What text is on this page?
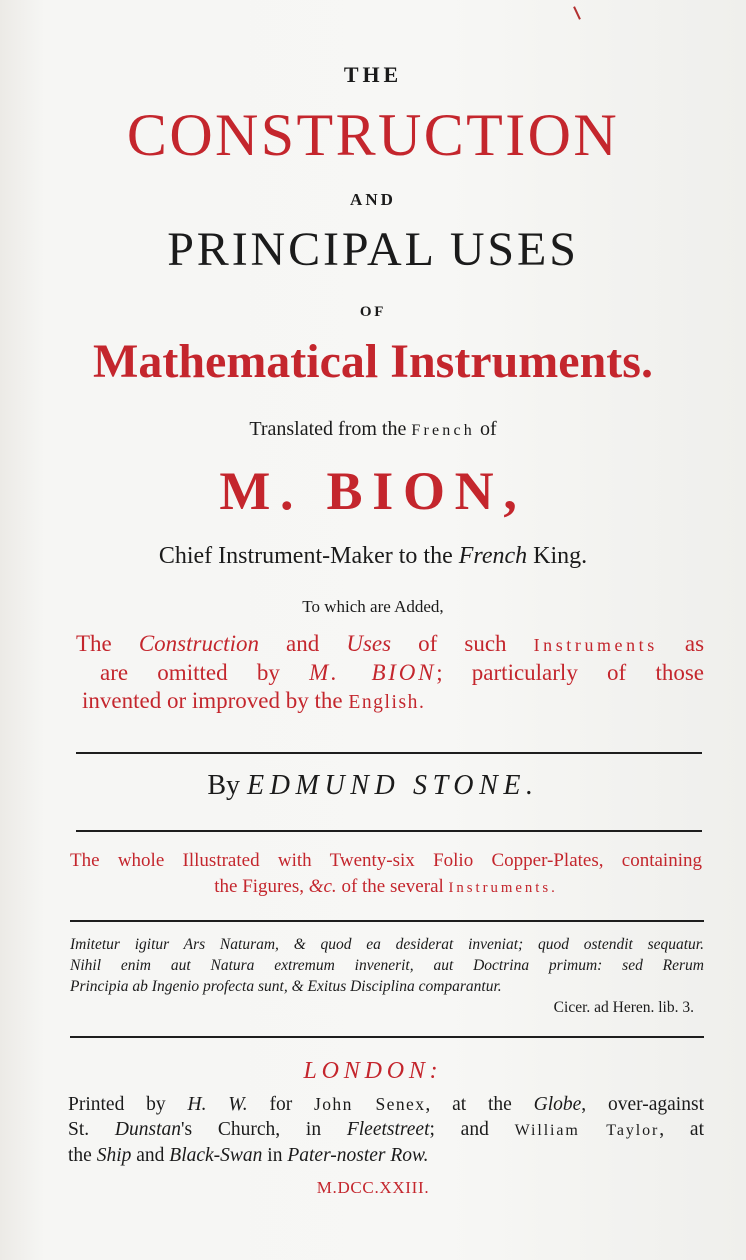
THE
CONSTRUCTION
AND
PRINCIPAL USES
OF
Mathematical Instruments.
Translated from the French of
M. BION,
Chief Instrument-Maker to the French King.
To which are Added,
The Construction and Uses of such Instruments as
are omitted by M. BION; particularly of those
invented or improved by the English.
By EDMUND STONE.
The whole Illustrated with Twenty-six Folio Copper-Plates, containing
the Figures, &c. of the several Instruments.
Imitetur igitur Ars Naturam, & quod ea desiderat inveniat; quod ostendit sequatur.
Nihil enim aut Natura extremum invenerit, aut Doctrina primum: sed Rerum
Principia ab Ingenio profecta sunt, & Exitus Disciplina comparantur.
Cicer. ad Heren. lib. 3.
LONDON:
Printed by H. W. for John Senex, at the Globe, over-against
St. Dunstan's Church, in Fleetstreet; and William Taylor, at
the Ship and Black-Swan in Pater-noster Row.
M.DCC.XXIII.
